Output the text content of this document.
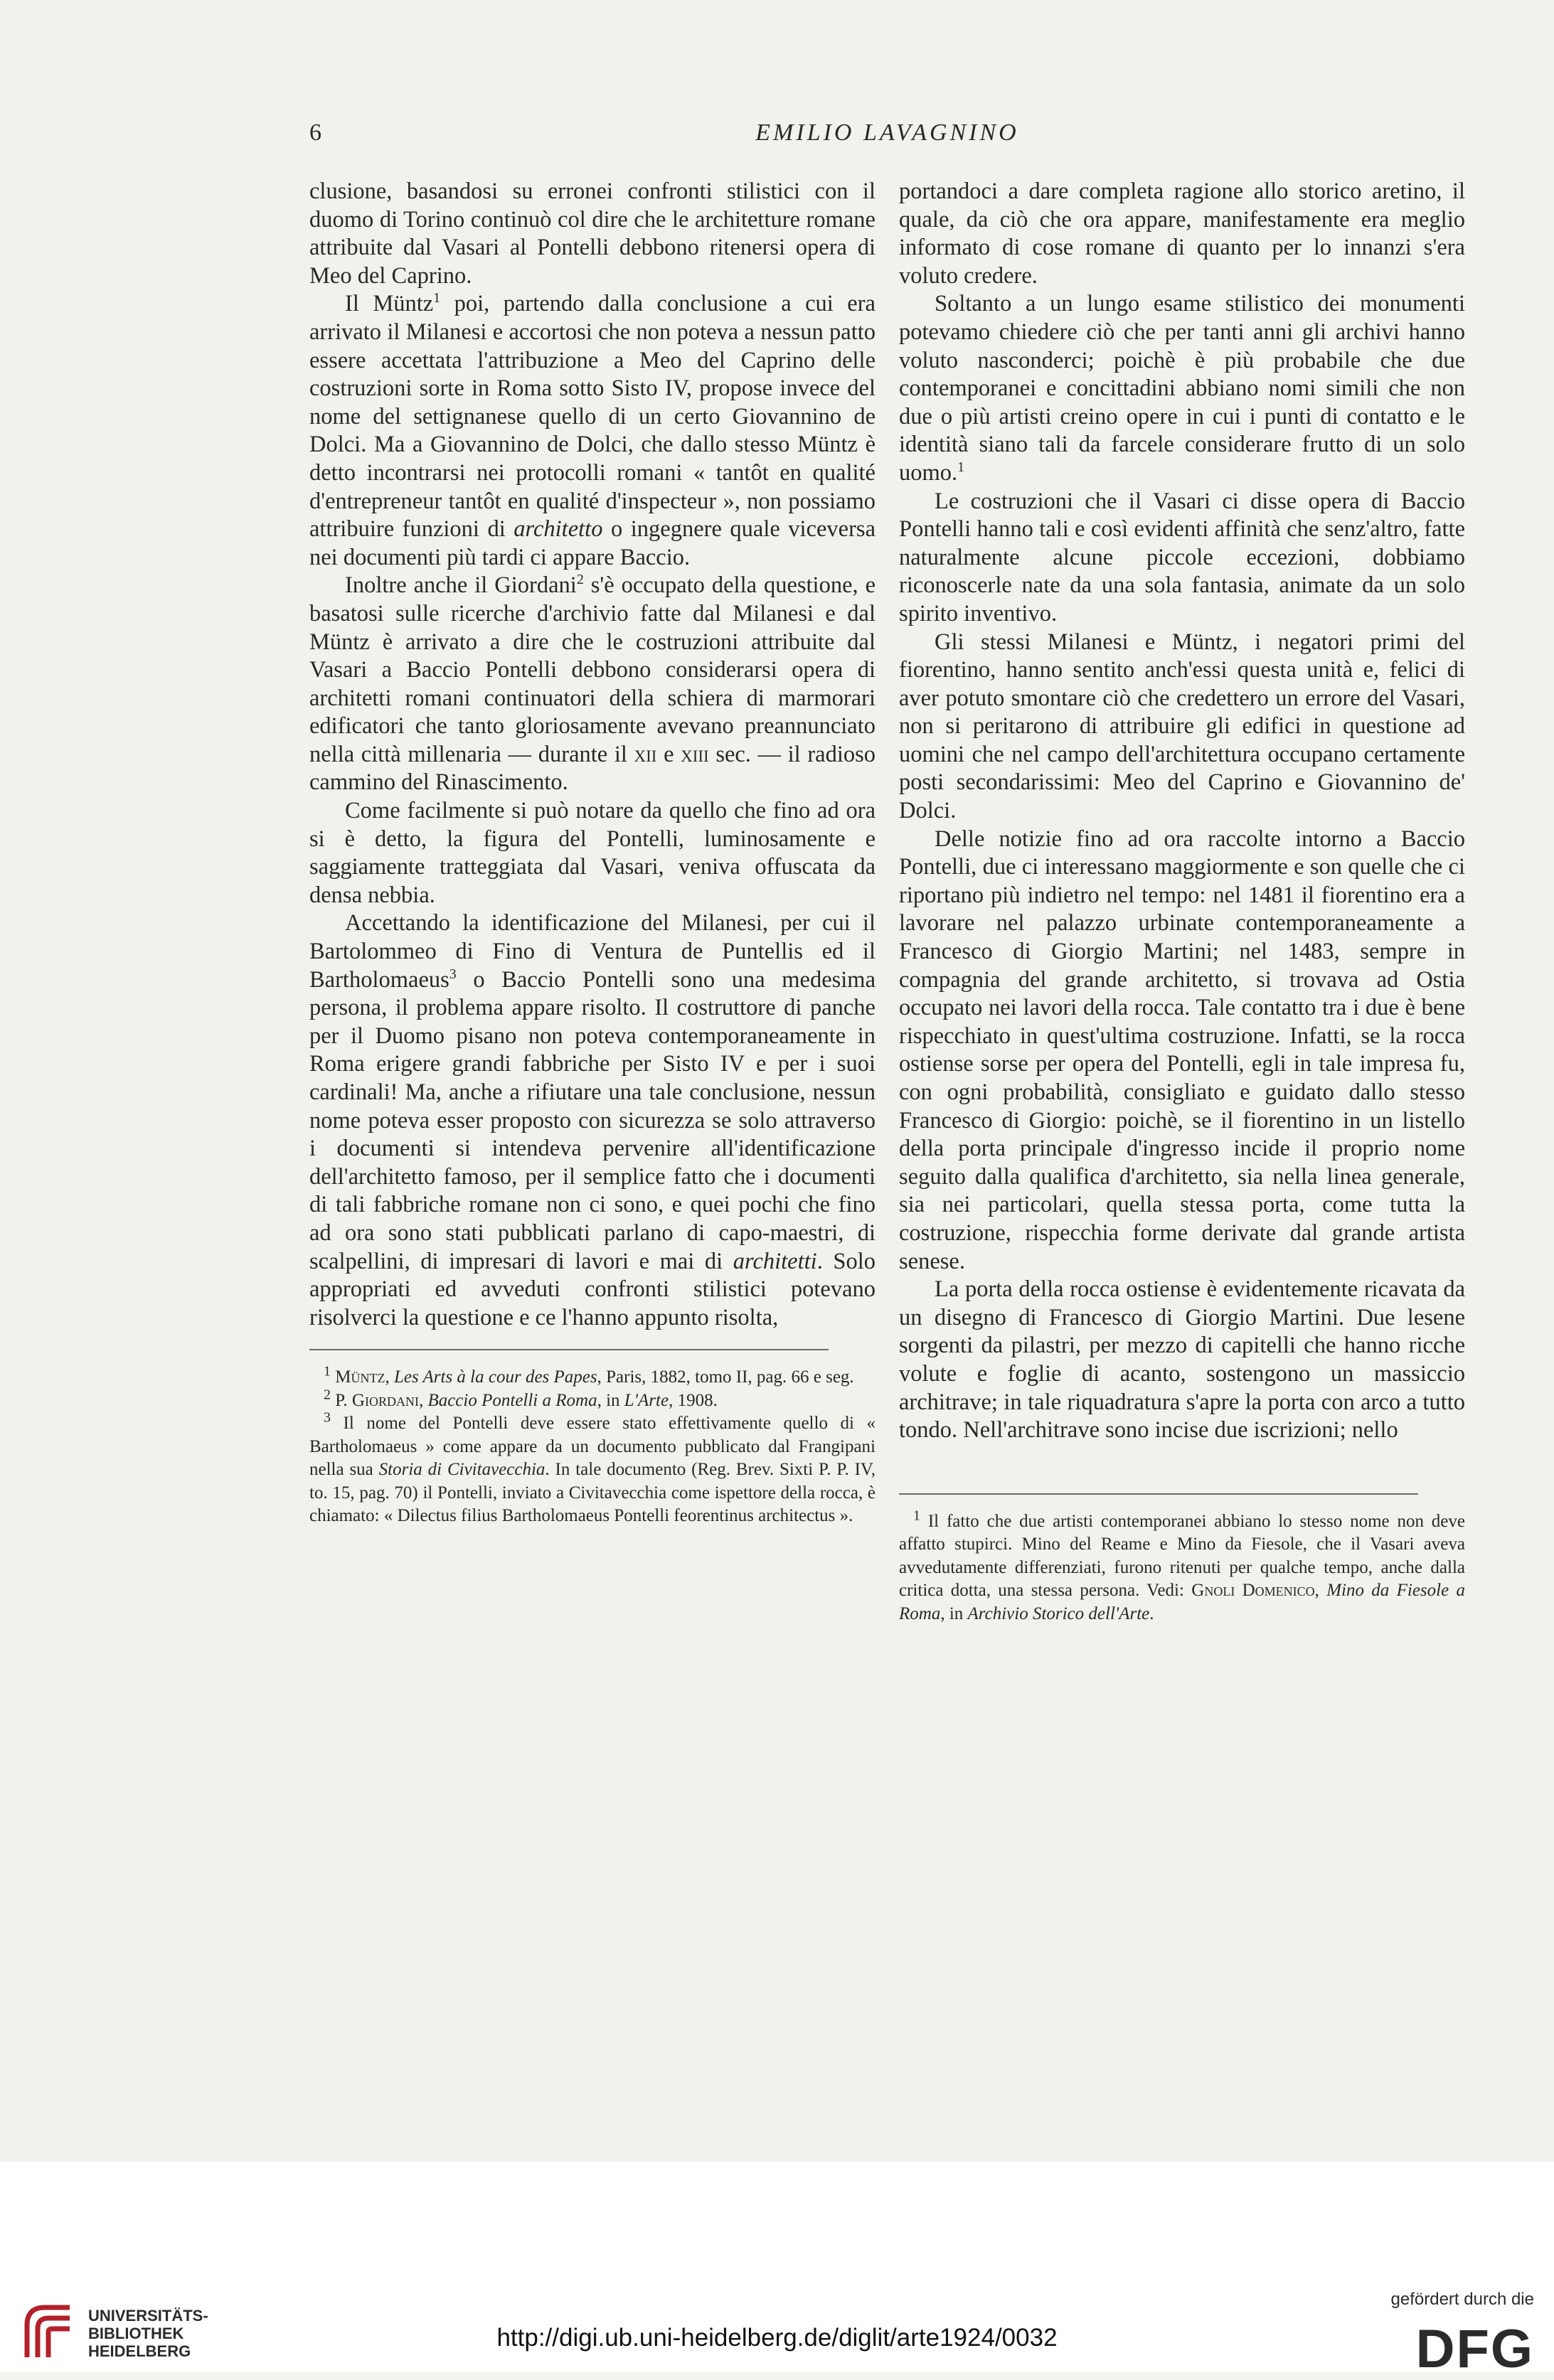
6	EMILIO LAVAGNINO

clusione, basandosi su erronei confronti stilistici con il duomo di Torino continuò col dire che le architetture romane attribuite dal Vasari al Pontelli debbono ritenersi opera di Meo del Caprino.

Il Müntz$^1$ poi, partendo dalla conclusione a cui era arrivato il Milanesi e accortosi che non poteva a nessun patto essere accettata l'attribuzione a Meo del Caprino delle costruzioni sorte in Roma sotto Sisto IV, propose invece del nome del settignanese quello di un certo Giovannino de Dolci. Ma a Giovannino de Dolci, che dallo stesso Müntz è detto incontrarsi nei protocolli romani « tantôt en qualité d'entrepreneur tantôt en qualité d'inspecteur », non possiamo attribuire funzioni di architetto o ingegnere quale viceversa nei documenti più tardi ci appare Baccio.

Inoltre anche il Giordani$^2$ s'è occupato della questione, e basatosi sulle ricerche d'archivio fatte dal Milanesi e dal Müntz è arrivato a dire che le costruzioni attribuite dal Vasari a Baccio Pontelli debbono considerarsi opera di architetti romani continuatori della schiera di marmorari edificatori che tanto gloriosamente avevano preannunciato nella città millenaria — durante il xii e xiii sec. — il radioso cammino del Rinascimento.

Come facilmente si può notare da quello che fino ad ora si è detto, la figura del Pontelli, luminosamente e saggiamente tratteggiata dal Vasari, veniva offuscata da densa nebbia.

Accettando la identificazione del Milanesi, per cui il Bartolommeo di Fino di Ventura de Puntellis ed il Bartholomaeus$^3$ o Baccio Pontelli sono una medesima persona, il problema appare risolto. Il costruttore di panche per il Duomo pisano non poteva contemporaneamente in Roma erigere grandi fabbriche per Sisto IV e per i suoi cardinali! Ma, anche a rifiutare una tale conclusione, nessun nome poteva esser proposto con sicurezza se solo attraverso i documenti si intendeva pervenire all'identificazione dell'architetto famoso, per il semplice fatto che i documenti di tali fabbriche romane non ci sono, e quei pochi che fino ad ora sono stati pubblicati parlano di capo-maestri, di scalpellini, di impresari di lavori e mai di architetti. Solo appropriati ed avveduti confronti stilistici potevano risolverci la questione e ce l'hanno appunto risolta,

$^1$ Müntz, Les Arts à la cour des Papes, Paris, 1882, tomo II, pag. 66 e seg.

$^2$ P. Giordani, Baccio Pontelli a Roma, in L'Arte, 1908.

$^3$ Il nome del Pontelli deve essere stato effettivamente quello di « Bartholomaeus » come appare da un documento pubblicato dal Frangipani nella sua Storia di Civitavecchia. In tale documento (Reg. Brev. Sixti P. P. IV, to. 15, pag. 70) il Pontelli, inviato a Civitavecchia come ispettore della rocca, è chiamato: « Dilectus filius Bartholomaeus Pontelli feorentinus architectus ».

portandoci a dare completa ragione allo storico aretino, il quale, da ciò che ora appare, manifestamente era meglio informato di cose romane di quanto per lo innanzi s'era voluto credere.

Soltanto a un lungo esame stilistico dei monumenti potevamo chiedere ciò che per tanti anni gli archivi hanno voluto nasconderci; poichè è più probabile che due contemporanei e concittadini abbiano nomi simili che non due o più artisti creino opere in cui i punti di contatto e le identità siano tali da farcele considerare frutto di un solo uomo.$^1$

Le costruzioni che il Vasari ci disse opera di Baccio Pontelli hanno tali e così evidenti affinità che senz'altro, fatte naturalmente alcune piccole eccezioni, dobbiamo riconoscerle nate da una sola fantasia, animate da un solo spirito inventivo.

Gli stessi Milanesi e Müntz, i negatori primi del fiorentino, hanno sentito anch'essi questa unità e, felici di aver potuto smontare ciò che credettero un errore del Vasari, non si peritarono di attribuire gli edifici in questione ad uomini che nel campo dell'architettura occupano certamente posti secondarissimi: Meo del Caprino e Giovannino de' Dolci.

Delle notizie fino ad ora raccolte intorno a Baccio Pontelli, due ci interessano maggiormente e son quelle che ci riportano più indietro nel tempo: nel 1481 il fiorentino era a lavorare nel palazzo urbinate contemporaneamente a Francesco di Giorgio Martini; nel 1483, sempre in compagnia del grande architetto, si trovava ad Ostia occupato nei lavori della rocca. Tale contatto tra i due è bene rispecchiato in quest'ultima costruzione. Infatti, se la rocca ostiense sorse per opera del Pontelli, egli in tale impresa fu, con ogni probabilità, consigliato e guidato dallo stesso Francesco di Giorgio: poichè, se il fiorentino in un listello della porta principale d'ingresso incide il proprio nome seguito dalla qualifica d'architetto, sia nella linea generale, sia nei particolari, quella stessa porta, come tutta la costruzione, rispecchia forme derivate dal grande artista senese.

La porta della rocca ostiense è evidentemente ricavata da un disegno di Francesco di Giorgio Martini. Due lesene sorgenti da pilastri, per mezzo di capitelli che hanno ricche volute e foglie di acanto, sostengono un massiccio architrave; in tale riquadratura s'apre la porta con arco a tutto tondo. Nell'architrave sono incise due iscrizioni; nello

$^1$ Il fatto che due artisti contemporanei abbiano lo stesso nome non deve affatto stupirci. Mino del Reame e Mino da Fiesole, che il Vasari aveva avvedutamente differenziati, furono ritenuti per qualche tempo, anche dalla critica dotta, una stessa persona. Vedi: Gnoli Domenico, Mino da Fiesole a Roma, in Archivio Storico dell'Arte.

UNIVERSITÄTS-
BIBLIOTHEK
HEIDELBERG	http://digi.ub.uni-heidelberg.de/diglit/arte1924/0032
gefördert durch die
DFG
